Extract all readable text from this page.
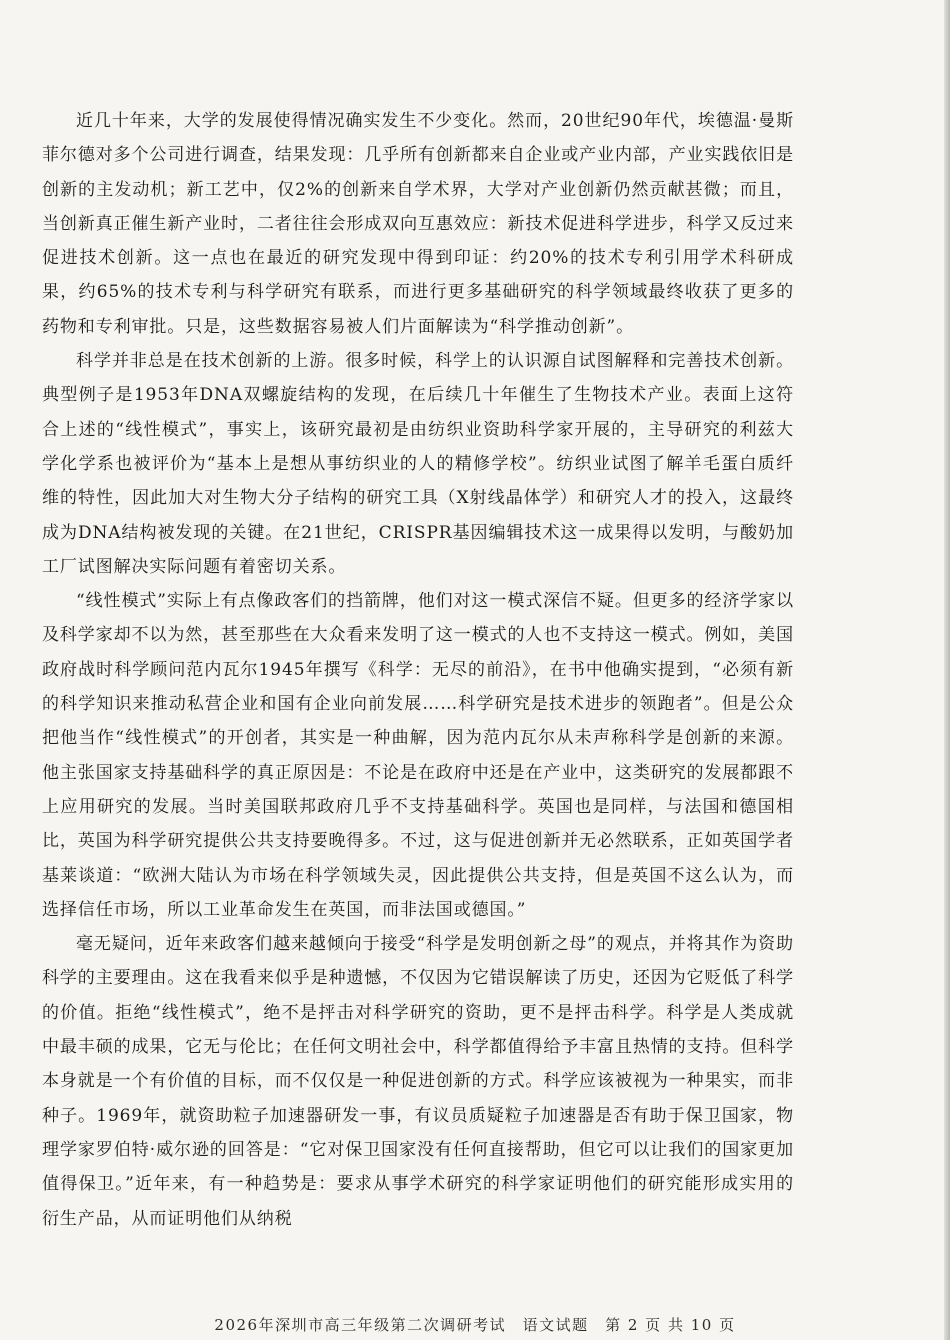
近几十年来，大学的发展使得情况确实发生不少变化。然而，20世纪90年代，埃德温·曼斯菲尔德对多个公司进行调查，结果发现：几乎所有创新都来自企业或产业内部，产业实践依旧是创新的主发动机；新工艺中，仅2%的创新来自学术界，大学对产业创新仍然贡献甚微；而且，当创新真正催生新产业时，二者往往会形成双向互惠效应：新技术促进科学进步，科学又反过来促进技术创新。这一点也在最近的研究发现中得到印证：约20%的技术专利引用学术科研成果，约65%的技术专利与科学研究有联系，而进行更多基础研究的科学领域最终收获了更多的药物和专利审批。只是，这些数据容易被人们片面解读为“科学推动创新”。

科学并非总是在技术创新的上游。很多时候，科学上的认识源自试图解释和完善技术创新。典型例子是1953年DNA双螺旋结构的发现，在后续几十年催生了生物技术产业。表面上这符合上述的“线性模式”，事实上，该研究最初是由纺织业资助科学家开展的，主导研究的利兹大学化学系也被评价为“基本上是想从事纺织业的人的精修学校”。纺织业试图了解羊毛蛋白质纤维的特性，因此加大对生物大分子结构的研究工具（X射线晶体学）和研究人才的投入，这最终成为DNA结构被发现的关键。在21世纪，CRISPR基因编辑技术这一成果得以发明，与酸奶加工厂试图解决实际问题有着密切关系。

“线性模式”实际上有点像政客们的挡箭牌，他们对这一模式深信不疑。但更多的经济学家以及科学家却不以为然，甚至那些在大众看来发明了这一模式的人也不支持这一模式。例如，美国政府战时科学顾问范内瓦尔1945年撰写《科学：无尽的前沿》，在书中他确实提到，“必须有新的科学知识来推动私营企业和国有企业向前发展……科学研究是技术进步的领跑者”。但是公众把他当作“线性模式”的开创者，其实是一种曲解，因为范内瓦尔从未声称科学是创新的来源。他主张国家支持基础科学的真正原因是：不论是在政府中还是在产业中，这类研究的发展都跟不上应用研究的发展。当时美国联邦政府几乎不支持基础科学。英国也是同样，与法国和德国相比，英国为科学研究提供公共支持要晚得多。不过，这与促进创新并无必然联系，正如英国学者基莱谈道：“欧洲大陆认为市场在科学领域失灵，因此提供公共支持，但是英国不这么认为，而选择信任市场，所以工业革命发生在英国，而非法国或德国。”

毫无疑问，近年来政客们越来越倾向于接受“科学是发明创新之母”的观点，并将其作为资助科学的主要理由。这在我看来似乎是种遗憾，不仅因为它错误解读了历史，还因为它贬低了科学的价值。拒绝“线性模式”，绝不是抨击对科学研究的资助，更不是抨击科学。科学是人类成就中最丰硕的成果，它无与伦比；在任何文明社会中，科学都值得给予丰富且热情的支持。但科学本身就是一个有价值的目标，而不仅仅是一种促进创新的方式。科学应该被视为一种果实，而非种子。1969年，就资助粒子加速器研发一事，有议员质疑粒子加速器是否有助于保卫国家，物理学家罗伯特·威尔逊的回答是：“它对保卫国家没有任何直接帮助，但它可以让我们的国家更加值得保卫。”近年来，有一种趋势是：要求从事学术研究的科学家证明他们的研究能形成实用的衍生产品，从而证明他们从纳税

2026年深圳市高三年级第二次调研考试　语文试题　第 2 页 共 10 页
